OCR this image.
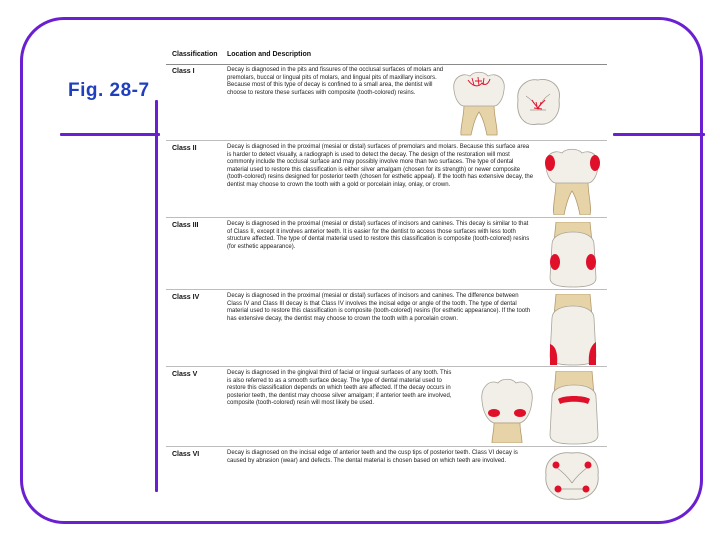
Fig. 28-7
Classification Location and Description
Class I	Decay is diagnosed in the pits and fissures of the occlusal surfaces of molars and premolars, buccal or lingual pits of molars, and lingual pits of maxillary incisors. Because most of this type of decay is confined to a small area, the dentist will choose to restore these surfaces with composite (tooth-colored) resins.

Class II	Decay is diagnosed in the proximal (mesial or distal) surfaces of premolars and molars. Because this surface area is harder to detect visually, a radiograph is used to detect the decay. The design of the restoration will most commonly include the occlusal surface and may possibly involve more than two surfaces. The type of dental material used to restore this classification is either silver amalgam (chosen for its strength) or newer composite (tooth-colored) resins designed for posterior teeth (chosen for esthetic appeal). If the tooth has extensive decay, the dentist may choose to crown the tooth with a gold or porcelain inlay, onlay, or crown.

Class III	Decay is diagnosed in the proximal (mesial or distal) surfaces of incisors and canines. This decay is similar to that of Class II, except it involves anterior teeth. It is easier for the dentist to access those surfaces with less tooth structure affected. The type of dental material used to restore this classification is composite (tooth-colored) resins (for esthetic appearance).

Class IV	Decay is diagnosed in the proximal (mesial or distal) surfaces of incisors and canines. The difference between Class IV and Class III decay is that Class IV involves the incisal edge or angle of the tooth. The type of dental material used to restore this classification is composite (tooth-colored) resins (for esthetic appearance). If the tooth has extensive decay, the dentist may choose to crown the tooth with a porcelain crown.

Class V	Decay is diagnosed in the gingival third of facial or lingual surfaces of any tooth. This is also referred to as a smooth surface decay. The type of dental material used to restore this classification depends on which teeth are affected. If the decay occurs in posterior teeth, the dentist may choose silver amalgam; if anterior teeth are involved, composite (tooth-colored) resin will most likely be used.

Class VI	Decay is diagnosed on the incisal edge of anterior teeth and the cusp tips of posterior teeth. Class VI decay is caused by abrasion (wear) and defects. The dental material is chosen based on which teeth are involved.
